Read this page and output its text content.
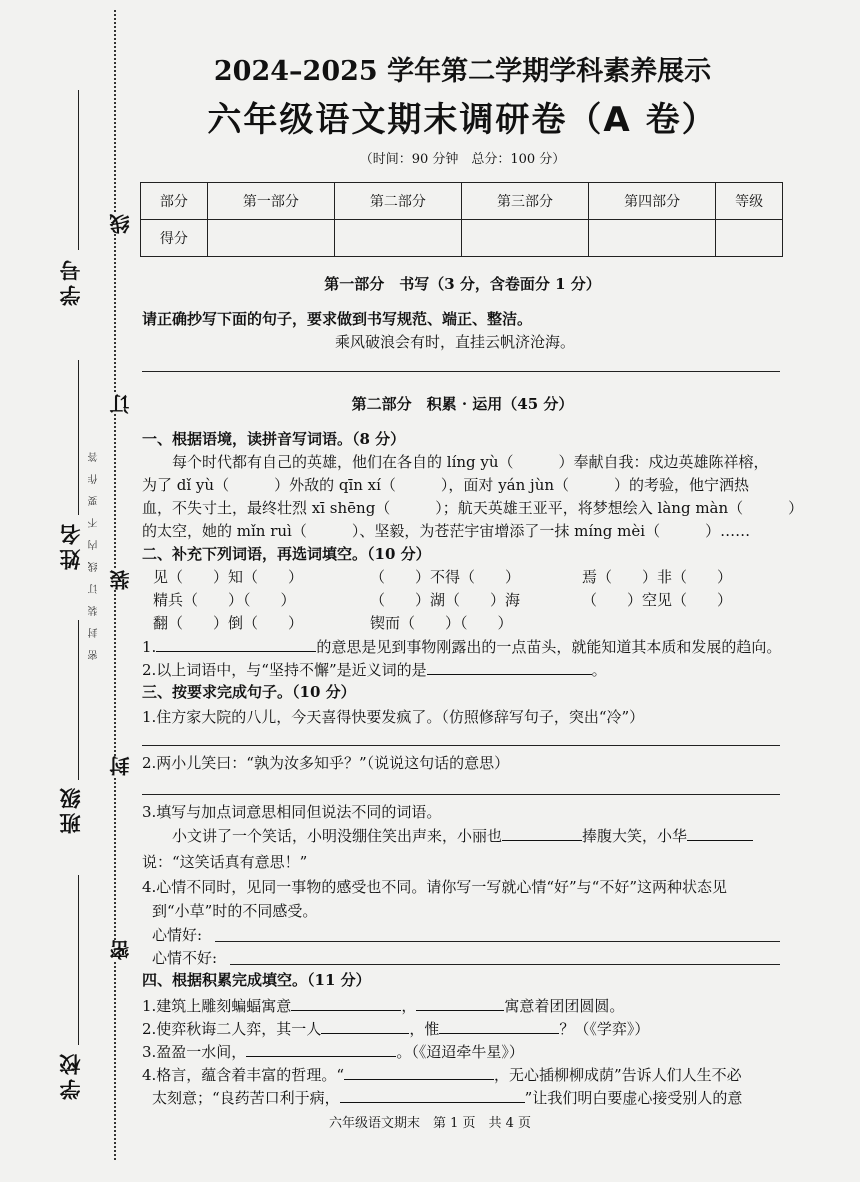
线
订
装
封
密
密封装订线内不要作答
学号
姓名
班级
学校
2024–2025 学年第二学期学科素养展示
六年级语文期末调研卷（A 卷）
（时间：90 分钟　总分：100 分）
部分	第一部分	第二部分	第三部分	第四部分	等级
得分					
第一部分　书写（3 分，含卷面分 1 分）
请正确抄写下面的句子，要求做到书写规范、端正、整洁。
乘风破浪会有时，直挂云帆济沧海。
第二部分　积累 · 运用（45 分）
一、根据语境，读拼音写词语。（8 分）
每个时代都有自己的英雄，他们在各自的 líng yù（　　　）奉献自我：戍边英雄陈祥榕，
为了 dǐ yù（　　　）外敌的 qīn xí（　　　），面对 yán jùn（　　　）的考验，他宁洒热
血，不失寸土，最终壮烈 xī shēng（　　　）；航天英雄王亚平，将梦想绘入 làng màn（　　　）
的太空，她的 mǐn ruì（　　　）、坚毅，为苍茫宇宙增添了一抹 míng mèi（　　　）……
二、补充下列词语，再选词填空。（10 分）
见（　　）知（　　）	（　　）不得（　　）	焉（　　）非（　　）
精兵（　　）（　　）	（　　）湖（　　）海	（　　）空见（　　）
翻（　　）倒（　　）	锲而（　　）（　　）
1.	的意思是见到事物刚露出的一点苗头，就能知道其本质和发展的趋向。
2.以上词语中，与“坚持不懈”是近义词的是	。
三、按要求完成句子。（10 分）
1.住方家大院的八儿，今天喜得快要发疯了。（仿照修辞写句子，突出“冷”）
2.两小儿笑曰：“孰为汝多知乎？”（说说这句话的意思）
3.填写与加点词意思相同但说法不同的词语。
小文讲了一个笑话，小明没绷住笑出声来，小丽也	捧腹大笑，小华
说：“这笑话真有意思！”
4.心情不同时，见同一事物的感受也不同。请你写一写就心情“好”与“不好”这两种状态见
到“小草”时的不同感受。
心情好:
心情不好:
四、根据积累完成填空。（11 分）
1.建筑上雕刻蝙蝠寓意	，	寓意着团团圆圆。
2.使弈秋诲二人弈，其一人	，惟	？（《学弈》）
3.盈盈一水间，	。（《迢迢牵牛星》）
4.格言，蕴含着丰富的哲理。“	，无心插柳柳成荫”告诉人们人生不必
太刻意；“良药苦口利于病，	”让我们明白要虚心接受别人的意
六年级语文期末　第 1 页　共 4 页
